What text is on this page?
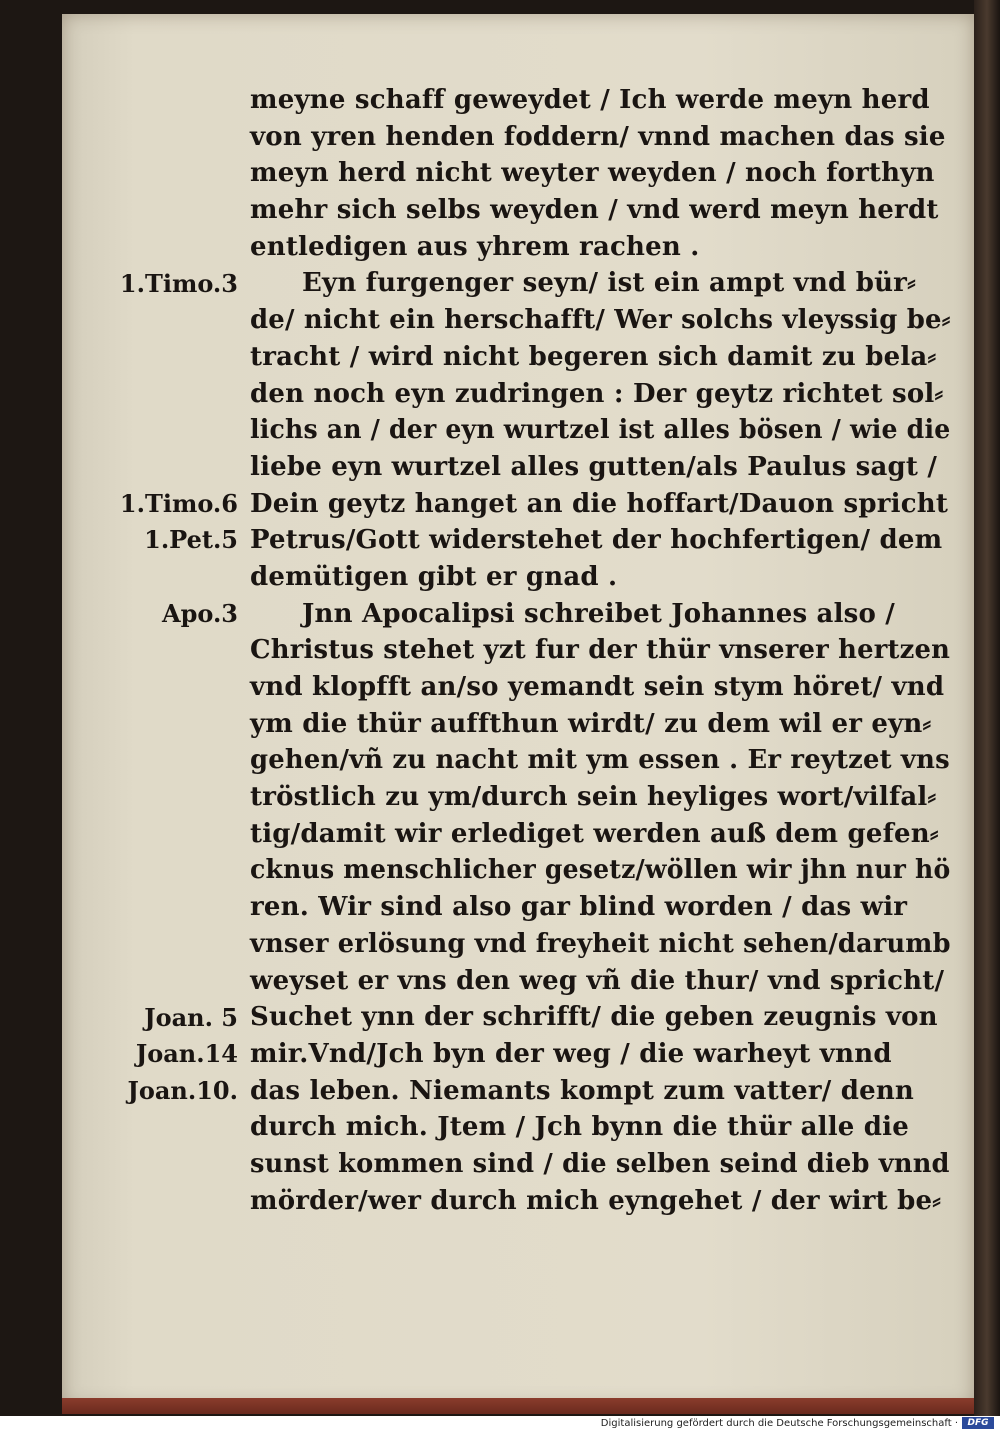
meyne schaff geweydet / Ich werde meyn herd
von yren henden foddern/ vnnd machen das sie
meyn herd nicht weyter weyden / noch forthyn
mehr sich selbs weyden / vnd werd meyn herdt
entledigen aus yhrem rachen .
Eyn furgenger seyn/ ist ein ampt vnd bür⸗
de/ nicht ein herschafft/ Wer solchs vleyssig be⸗
tracht / wird nicht begeren sich damit zu bela⸗
den noch eyn zudringen : Der geytz richtet sol⸗
lichs an / der eyn wurtzel ist alles bösen / wie die
liebe eyn wurtzel alles gutten/als Paulus sagt /
Dein geytz hanget an die hoffart/Dauon spricht
Petrus/Gott widerstehet der hochfertigen/ dem
demütigen gibt er gnad .
Jnn Apocalipsi schreibet Johannes also /
Christus stehet yzt fur der thür vnserer hertzen
vnd klopfft an/so yemandt sein stym höret/ vnd
ym die thür auffthun wirdt/ zu dem wil er eyn⸗
gehen/vñ zu nacht mit ym essen . Er reytzet vns
tröstlich zu ym/durch sein heyliges wort/vilfal⸗
tig/damit wir erlediget werden auß dem gefen⸗
cknus menschlicher gesetz/wöllen wir jhn nur hö
ren. Wir sind also gar blind worden / das wir
vnser erlösung vnd freyheit nicht sehen/darumb
weyset er vns den weg vñ die thur/ vnd spricht/
Suchet ynn der schrifft/ die geben zeugnis von
mir.Vnd/Jch byn der weg / die warheyt vnnd
das leben. Niemants kompt zum vatter/ denn
durch mich. Jtem / Jch bynn die thür alle die
sunst kommen sind / die selben seind dieb vnnd
mörder/wer durch mich eyngehet / der wirt be⸗
1.Timo.3
1.Timo.6
1.Pet.5
Apo.3
Joan. 5
Joan.14
Joan.10.
Digitalisierung gefördert durch die Deutsche Forschungsgemeinschaft ·	DFG
